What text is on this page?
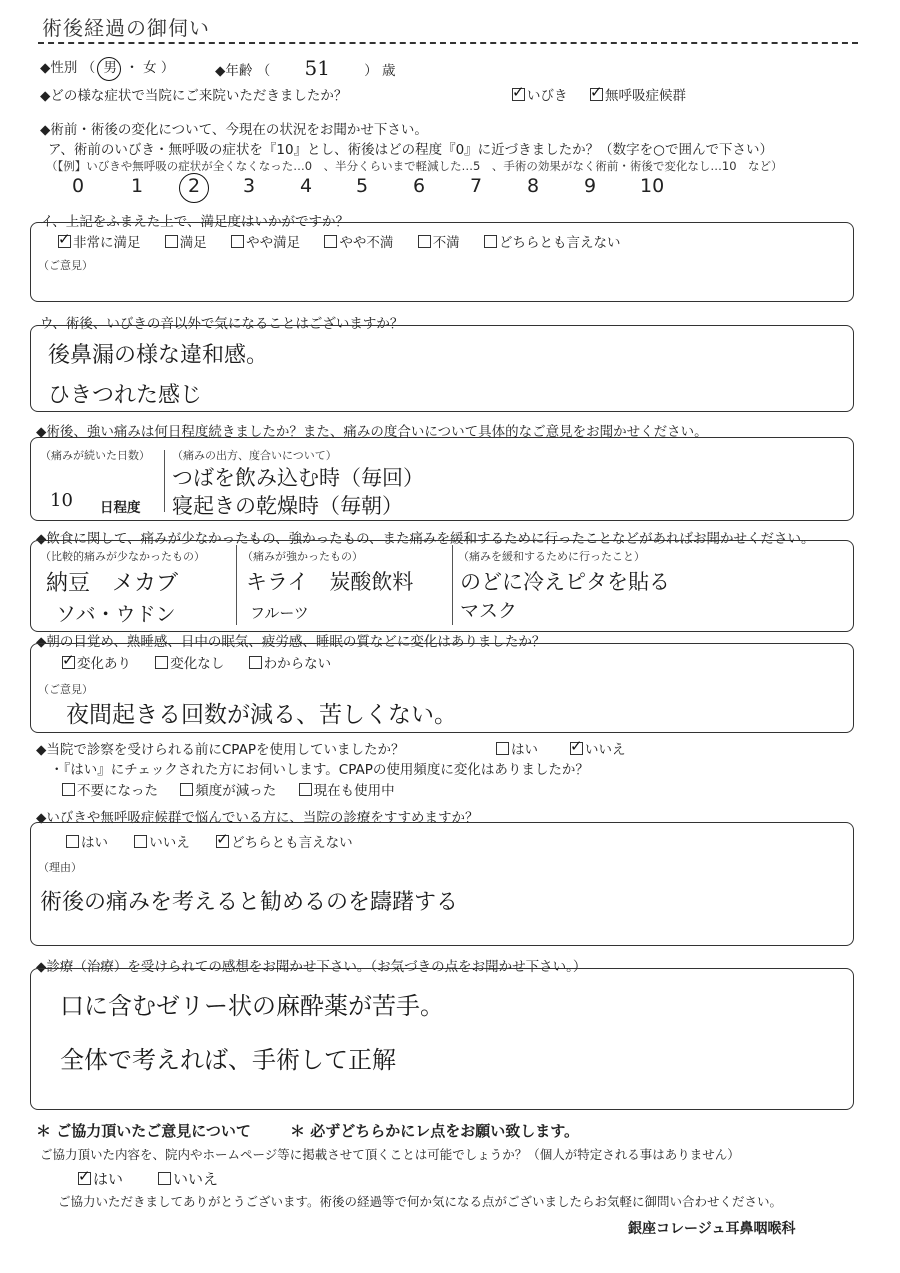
術後経過の御伺い
◆性別 （ 男 ・ 女 ）	◆年齢 （ 51	） 歳
◆どの様な症状で当院にご来院いただきましたか？ ✓	いびき ✓	無呼吸症候群
◆術前・術後の変化について、今現在の状況をお聞かせ下さい。
ア、術前のいびき・無呼吸の症状を『10』とし、術後はどの程度『0』に近づきましたか？（数字を○で囲んで下さい）
（【例】いびきや無呼吸の症状が全くなくなった…0　、半分くらいまで軽減した…5　、手術の効果がなく術前・術後で変化なし…10　など）
0 1 2 3 4 5 6 7 8 9 10
イ、上記をふまえた上で、満足度はいかがですか？
✓非常に満足	満足	やや満足	やや不満	不満	どちらとも言えない
（ご意見）
ウ、術後、いびきの音以外で気になることはございますか？
後鼻漏の様な違和感。
ひきつれた感じ
◆術後、強い痛みは何日程度続きましたか？また、痛みの度合いについて具体的なご意見をお聞かせください。
（痛みが続いた日数）
10 日程度
（痛みの出方、度合いについて）
つばを飲み込む時（毎回）
寝起きの乾燥時（毎朝）
◆飲食に関して、痛みが少なかったもの、強かったもの、また痛みを緩和するために行ったことなどがあればお聞かせください。
（比較的痛みが少なかったもの）
納豆　メカブ
ソバ・ウドン
（痛みが強かったもの）
キライ　炭酸飲料
フルーツ
（痛みを緩和するために行ったこと）
のどに冷えピタを貼る
マスク
◆朝の目覚め、熟睡感、日中の眠気、疲労感、睡眠の質などに変化はありましたか？
✓変化あり	変化なし	わからない
（ご意見）
夜間起きる回数が減る、苦しくない。
◆当院で診察を受けられる前にCPAPを使用していましたか？	はい ✓	いいえ
・『はい』にチェックされた方にお伺いします。CPAPの使用頻度に変化はありましたか？
不要になった	頻度が減った	現在も使用中
◆いびきや無呼吸症候群で悩んでいる方に、当院の診療をすすめますか？
はい	いいえ ✓	どちらとも言えない
（理由）
術後の痛みを考えると勧めるのを躊躇する
◆診療（治療）を受けられての感想をお聞かせ下さい。（お気づきの点をお聞かせ下さい。）
口に含むゼリー状の麻酔薬が苦手。
全体で考えれば、手術して正解
＊ ご協力頂いたご意見について	＊ 必ずどちらかにレ点をお願い致します。
ご協力頂いた内容を、院内やホームページ等に掲載させて頂くことは可能でしょうか？（個人が特定される事はありません）
✓はい	いいえ
ご協力いただきましてありがとうございます。術後の経過等で何か気になる点がございましたらお気軽に御問い合わせください。
銀座コレージュ耳鼻咽喉科
